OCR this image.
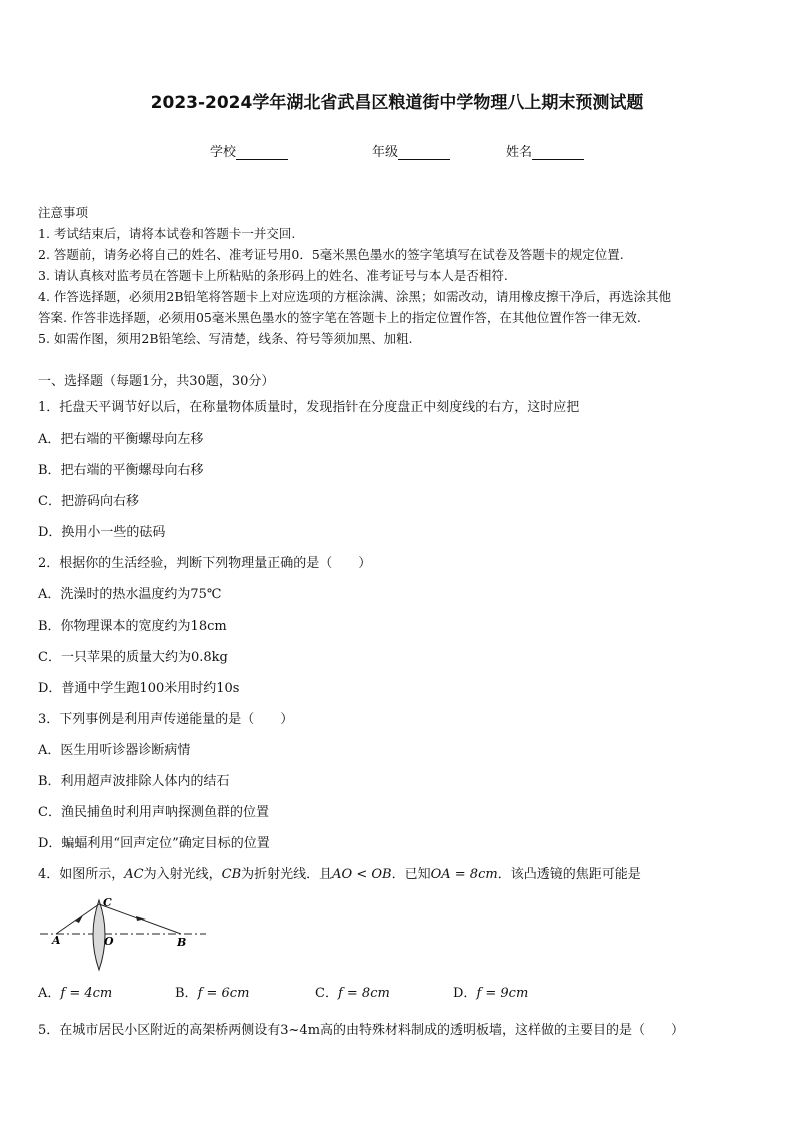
2023-2024学年湖北省武昌区粮道街中学物理八上期末预测试题
学校	年级	姓名
注意事项
1. 考试结束后，请将本试卷和答题卡一并交回.
2. 答题前，请务必将自己的姓名、准考证号用0．5毫米黑色墨水的签字笔填写在试卷及答题卡的规定位置.
3. 请认真核对监考员在答题卡上所粘贴的条形码上的姓名、准考证号与本人是否相符.
4. 作答选择题，必须用2B铅笔将答题卡上对应选项的方框涂满、涂黑；如需改动，请用橡皮擦干净后，再选涂其他
答案. 作答非选择题，必须用05毫米黑色墨水的签字笔在答题卡上的指定位置作答，在其他位置作答一律无效.
5. 如需作图，须用2B铅笔绘、写清楚，线条、符号等须加黑、加粗.
一、选择题（每题1分，共30题，30分）
1．托盘天平调节好以后，在称量物体质量时，发现指针在分度盘正中刻度线的右方，这时应把
A．把右端的平衡螺母向左移
B．把右端的平衡螺母向右移
C．把游码向右移
D．换用小一些的砝码
2．根据你的生活经验，判断下列物理量正确的是（　　）
A．洗澡时的热水温度约为75℃
B．你物理课本的宽度约为18cm
C．一只苹果的质量大约为0.8kg
D．普通中学生跑100米用时约10s
3．下列事例是利用声传递能量的是（　　）
A．医生用听诊器诊断病情
B．利用超声波排除人体内的结石
C．渔民捕鱼时利用声呐探测鱼群的位置
D．蝙蝠利用“回声定位”确定目标的位置
4．如图所示，AC为入射光线，CB为折射光线．且AO < OB．已知OA = 8cm．该凸透镜的焦距可能是
C
A	O	B
A．f = 4cm	B．f = 6cm	C．f = 8cm	D．f = 9cm
5．在城市居民小区附近的高架桥两侧设有3~4m高的由特殊材料制成的透明板墙，这样做的主要目的是（　　）
